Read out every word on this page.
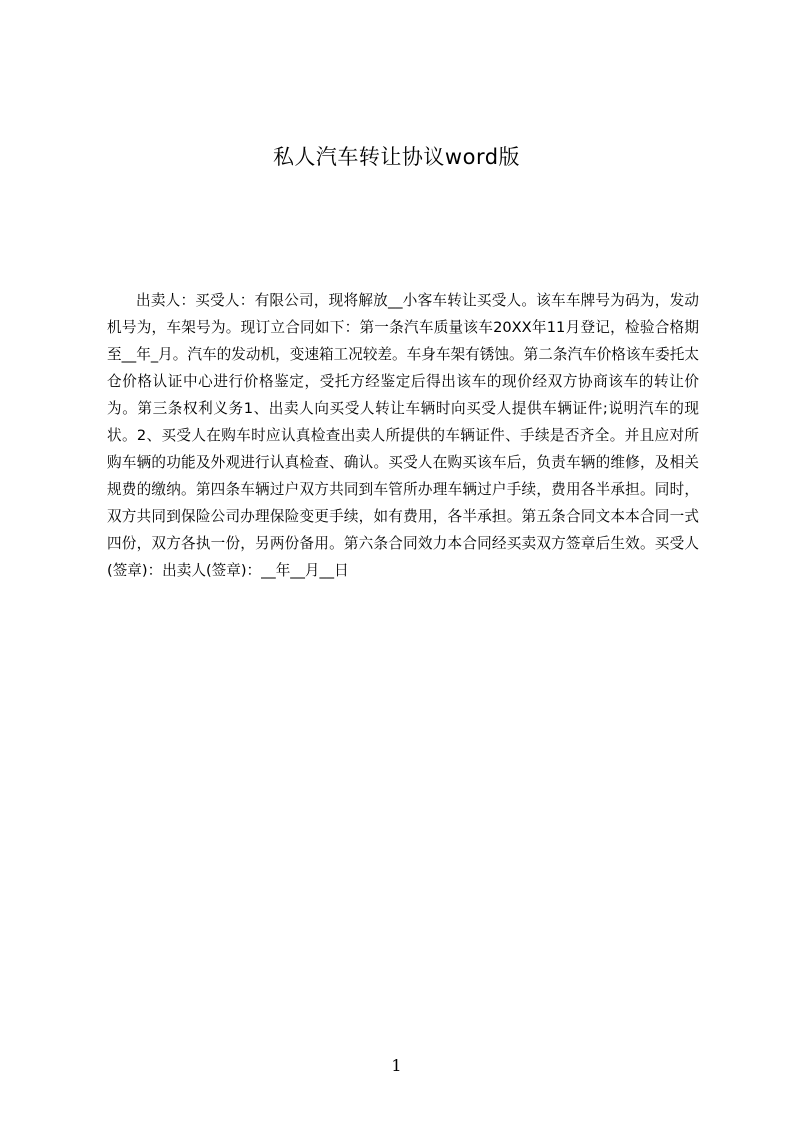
私人汽车转让协议word版

出卖人：买受人：有限公司，现将解放__小客车转让买受人。该车车牌号为码为，发动机号为，车架号为。现订立合同如下：第一条汽车质量该车20XX年11月登记，检验合格期至__年_月。汽车的发动机，变速箱工况较差。车身车架有锈蚀。第二条汽车价格该车委托太仓价格认证中心进行价格鉴定，受托方经鉴定后得出该车的现价经双方协商该车的转让价为。第三条权利义务1、出卖人向买受人转让车辆时向买受人提供车辆证件;说明汽车的现状。2、买受人在购车时应认真检查出卖人所提供的车辆证件、手续是否齐全。并且应对所购车辆的功能及外观进行认真检查、确认。买受人在购买该车后，负责车辆的维修，及相关规费的缴纳。第四条车辆过户双方共同到车管所办理车辆过户手续，费用各半承担。同时，双方共同到保险公司办理保险变更手续，如有费用，各半承担。第五条合同文本本合同一式四份，双方各执一份，另两份备用。第六条合同效力本合同经买卖双方签章后生效。买受人(签章)：出卖人(签章)：__年__月__日

1
